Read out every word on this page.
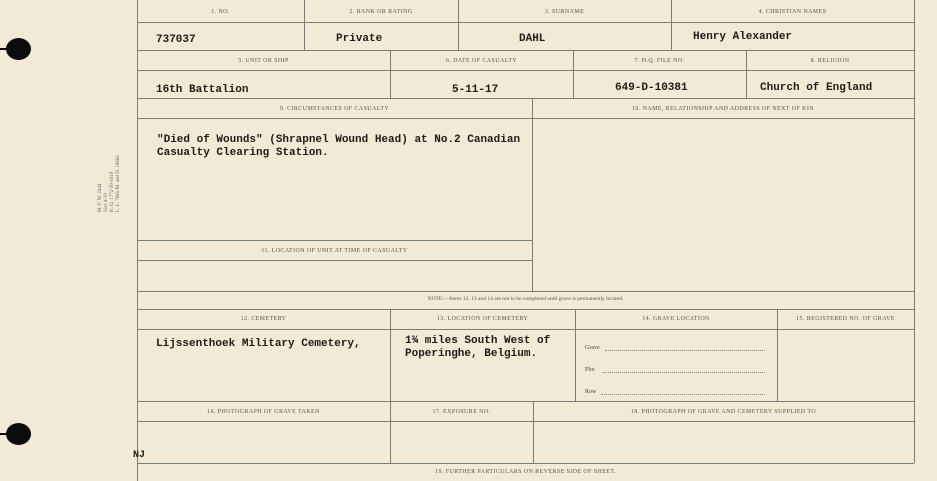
M. F. W. 2444
Size 4-19
H. Q. 1772-39-1618
L. L. 7845-M. and D. 16662
1. NO.	2. RANK OR RATING	3. SURNAME	4. CHRISTIAN NAMES
737037	Private	DAHL	Henry Alexander
5. UNIT OR SHIP	6. DATE OF CASUALTY	7. H.Q. FILE NO.	8. RELIGION
16th Battalion	5-11-17	649-D-10381	Church of England
9. CIRCUMSTANCES OF CASUALTY	10. NAME, RELATIONSHIP AND ADDRESS OF NEXT OF KIN
"Died of Wounds" (Shrapnel Wound Head) at No.2 Canadian
Casualty Clearing Station.
11. LOCATION OF UNIT AT TIME OF CASUALTY
NOTE:—Items 12, 13 and 14 are not to be completed until grave is permanently located.
12. CEMETERY	13. LOCATION OF CEMETERY	14. GRAVE LOCATION	15. REGISTERED NO. OF GRAVE
Lijssenthoek Military Cemetery,	1¾ miles South West of
Poperinghe, Belgium.	Grave
Plot
Row
16. PHOTOGRAPH OF GRAVE TAKEN	17. EXPOSURE NO.	18. PHOTOGRAPH OF GRAVE AND CEMETERY SUPPLIED TO
NJ
19. FURTHER PARTICULARS ON REVERSE SIDE OF SHEET.
